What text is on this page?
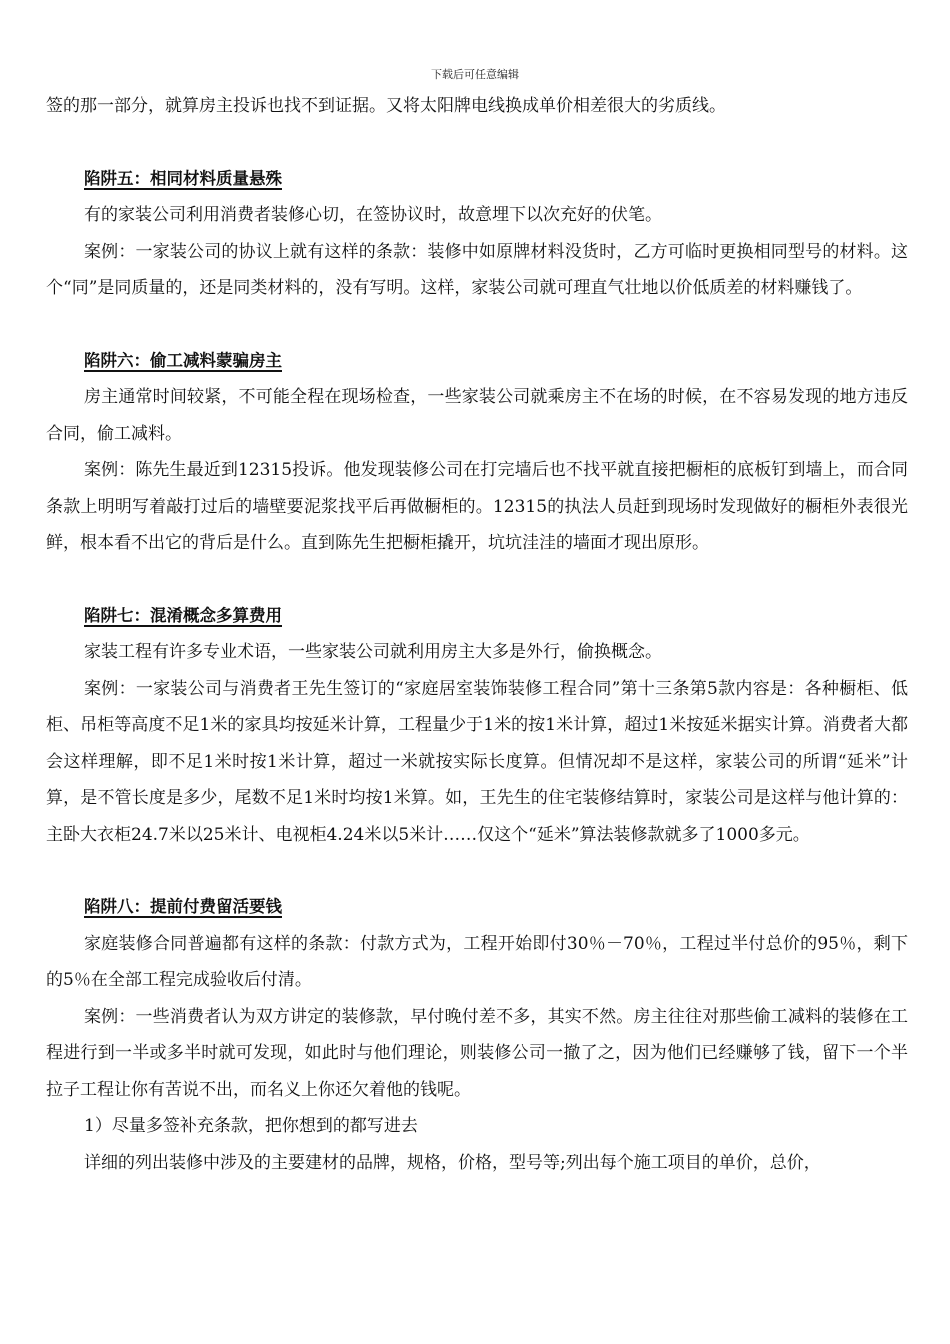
下载后可任意编辑

签的那一部分，就算房主投诉也找不到证据。又将太阳牌电线换成单价相差很大的劣质线。

陷阱五：相同材料质量悬殊

有的家装公司利用消费者装修心切，在签协议时，故意埋下以次充好的伏笔。

案例：一家装公司的协议上就有这样的条款：装修中如原牌材料没货时，乙方可临时更换相同型号的材料。这个“同”是同质量的，还是同类材料的，没有写明。这样，家装公司就可理直气壮地以价低质差的材料赚钱了。

陷阱六：偷工减料蒙骗房主

房主通常时间较紧，不可能全程在现场检查，一些家装公司就乘房主不在场的时候，在不容易发现的地方违反合同，偷工减料。

案例：陈先生最近到12315投诉。他发现装修公司在打完墙后也不找平就直接把橱柜的底板钉到墙上，而合同条款上明明写着敲打过后的墙壁要泥浆找平后再做橱柜的。12315的执法人员赶到现场时发现做好的橱柜外表很光鲜，根本看不出它的背后是什么。直到陈先生把橱柜撬开，坑坑洼洼的墙面才现出原形。

陷阱七：混淆概念多算费用

家装工程有许多专业术语，一些家装公司就利用房主大多是外行，偷换概念。

案例：一家装公司与消费者王先生签订的“家庭居室装饰装修工程合同”第十三条第5款内容是：各种橱柜、低柜、吊柜等高度不足1米的家具均按延米计算，工程量少于1米的按1米计算，超过1米按延米据实计算。消费者大都会这样理解，即不足1米时按1米计算，超过一米就按实际长度算。但情况却不是这样，家装公司的所谓“延米”计算，是不管长度是多少，尾数不足1米时均按1米算。如，王先生的住宅装修结算时，家装公司是这样与他计算的：主卧大衣柜24.7米以25米计、电视柜4.24米以5米计……仅这个“延米”算法装修款就多了1000多元。

陷阱八：提前付费留活要钱

家庭装修合同普遍都有这样的条款：付款方式为，工程开始即付30％－70％，工程过半付总价的95％，剩下的5％在全部工程完成验收后付清。

案例：一些消费者认为双方讲定的装修款，早付晚付差不多，其实不然。房主往往对那些偷工减料的装修在工程进行到一半或多半时就可发现，如此时与他们理论，则装修公司一撤了之，因为他们已经赚够了钱，留下一个半拉子工程让你有苦说不出，而名义上你还欠着他的钱呢。

1）尽量多签补充条款，把你想到的都写进去

详细的列出装修中涉及的主要建材的品牌，规格，价格，型号等;列出每个施工项目的单价，总价，
